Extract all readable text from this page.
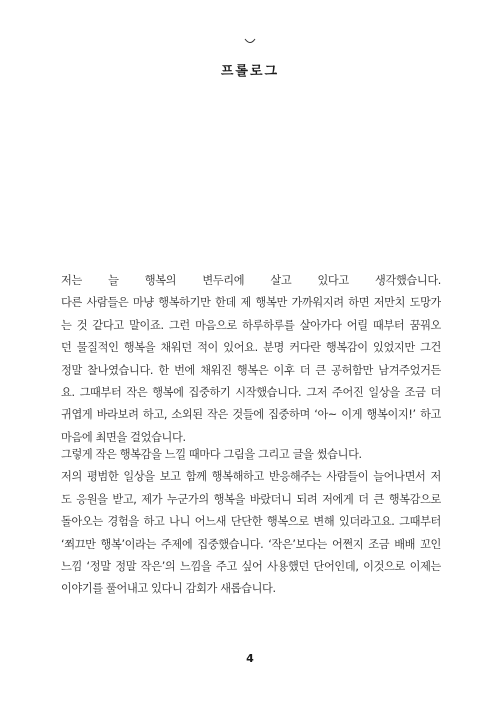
프롤로그
저는 늘 행복의 변두리에 살고 있다고 생각했습니다.
다른 사람들은 마냥 행복하기만 한데 제 행복만 가까워지려 하면 저만치 도망가
는 것 같다고 말이죠. 그런 마음으로 하루하루를 살아가다 어릴 때부터 꿈꿔오
던 물질적인 행복을 채워던 적이 있어요. 분명 커다란 행복감이 있었지만 그건
정말 찰나였습니다. 한 번에 채워진 행복은 이후 더 큰 공허함만 남겨주었거든
요. 그때부터 작은 행복에 집중하기 시작했습니다. 그저 주어진 일상을 조금 더
귀엽게 바라보려 하고, 소외된 작은 것들에 집중하며 ‘아~ 이게 행복이지!’ 하고
마음에 최면을 걸었습니다.
그렇게 작은 행복감을 느낄 때마다 그림을 그리고 글을 썼습니다.
저의 평범한 일상을 보고 함께 행복해하고 반응해주는 사람들이 늘어나면서 저
도 응원을 받고, 제가 누군가의 행복을 바랐더니 되려 저에게 더 큰 행복감으로
돌아오는 경험을 하고 나니 어느새 단단한 행복으로 변해 있더라고요. 그때부터
‘쬐끄만 행복’이라는 주제에 집중했습니다. ‘작은’보다는 어쩐지 조금 배배 꼬인
느낌 ‘정말 정말 작은’의 느낌을 주고 싶어 사용했던 단어인데, 이것으로 이제는
이야기를 풀어내고 있다니 감회가 새롭습니다.
4
